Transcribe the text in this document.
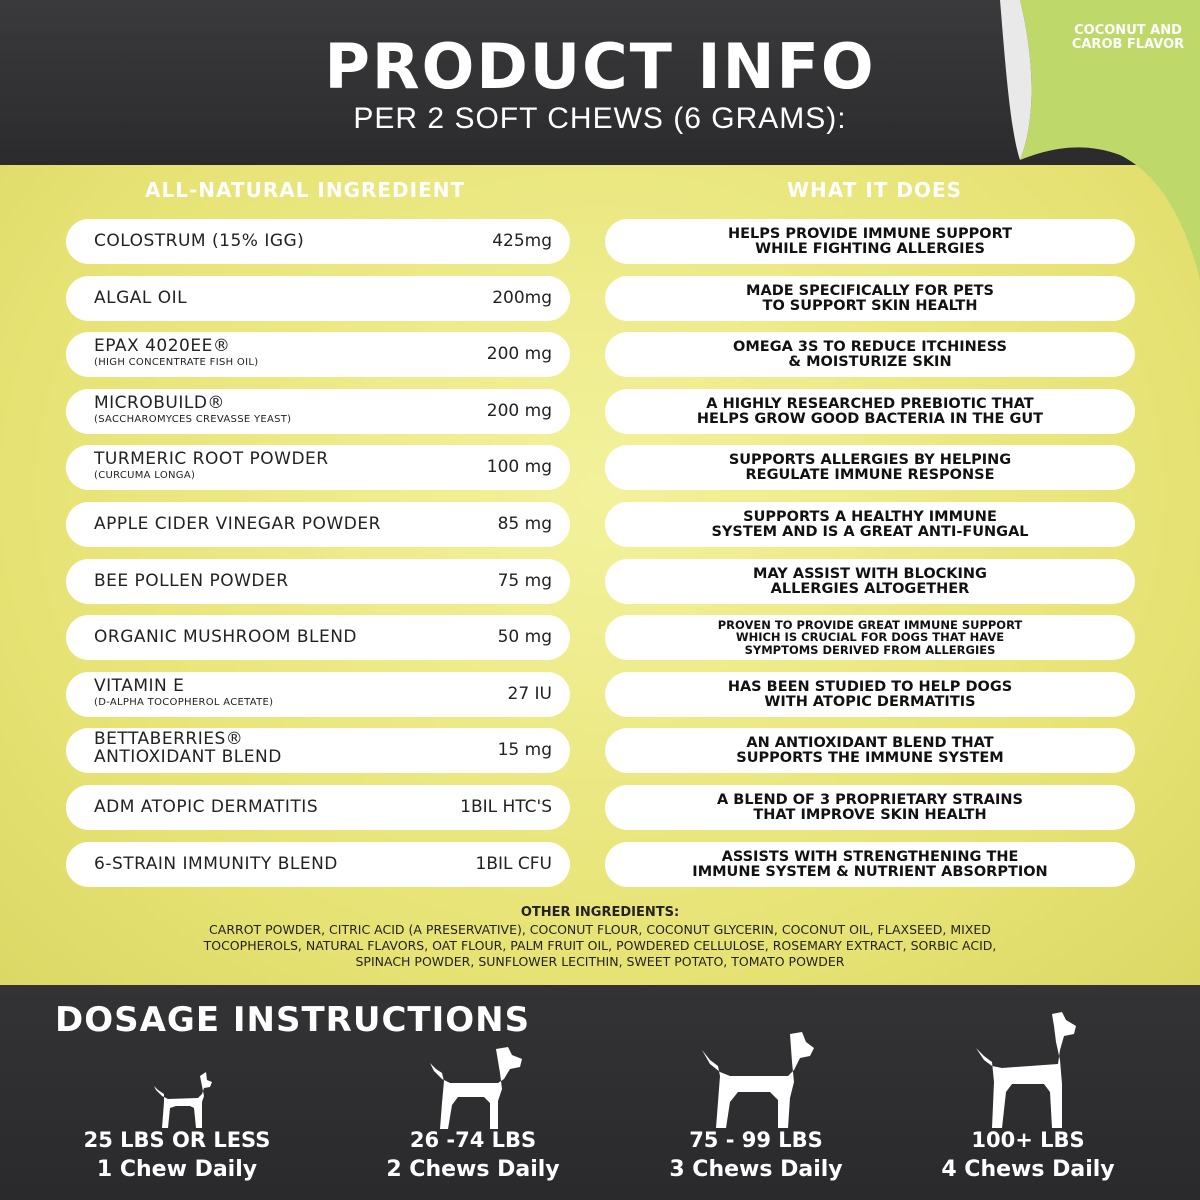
PRODUCT INFO
PER 2 SOFT CHEWS (6 GRAMS):
COCONUT AND CAROB FLAVOR
ALL-NATURAL INGREDIENT	WHAT IT DOES
COLOSTRUM (15% IGG)	425mg	HELPS PROVIDE IMMUNE SUPPORT
WHILE FIGHTING ALLERGIES
ALGAL OIL	200mg	MADE SPECIFICALLY FOR PETS
TO SUPPORT SKIN HEALTH
EPAX 4020EE®
(HIGH CONCENTRATE FISH OIL)	200 mg	OMEGA 3S TO REDUCE ITCHINESS
& MOISTURIZE SKIN
MICROBUILD®
(SACCHAROMYCES CREVASSE YEAST)	200 mg	A HIGHLY RESEARCHED PREBIOTIC THAT
HELPS GROW GOOD BACTERIA IN THE GUT
TURMERIC ROOT POWDER
(CURCUMA LONGA)	100 mg	SUPPORTS ALLERGIES BY HELPING
REGULATE IMMUNE RESPONSE
APPLE CIDER VINEGAR POWDER	85 mg	SUPPORTS A HEALTHY IMMUNE
SYSTEM AND IS A GREAT ANTI-FUNGAL
BEE POLLEN POWDER	75 mg	MAY ASSIST WITH BLOCKING
ALLERGIES ALTOGETHER
ORGANIC MUSHROOM BLEND	50 mg
PROVEN TO PROVIDE GREAT IMMUNE SUPPORT
WHICH IS CRUCIAL FOR DOGS THAT HAVE
SYMPTOMS DERIVED FROM ALLERGIES
VITAMIN E
(D-ALPHA TOCOPHEROL ACETATE)	27 IU	HAS BEEN STUDIED TO HELP DOGS
WITH ATOPIC DERMATITIS
BETTABERRIES®
ANTIOXIDANT BLEND	15 mg	AN ANTIOXIDANT BLEND THAT
SUPPORTS THE IMMUNE SYSTEM
ADM ATOPIC DERMATITIS	1BIL HTC'S	A BLEND OF 3 PROPRIETARY STRAINS
THAT IMPROVE SKIN HEALTH
6-STRAIN IMMUNITY BLEND	1BIL CFU	ASSISTS WITH STRENGTHENING THE
IMMUNE SYSTEM & NUTRIENT ABSORPTION
OTHER INGREDIENTS:
CARROT POWDER, CITRIC ACID (A PRESERVATIVE), COCONUT FLOUR, COCONUT GLYCERIN, COCONUT OIL, FLAXSEED, MIXED
TOCOPHEROLS, NATURAL FLAVORS, OAT FLOUR, PALM FRUIT OIL, POWDERED CELLULOSE, ROSEMARY EXTRACT, SORBIC ACID,
SPINACH POWDER, SUNFLOWER LECITHIN, SWEET POTATO, TOMATO POWDER
DOSAGE INSTRUCTIONS
25 LBS OR LESS
1 Chew Daily
26 -74 LBS
2 Chews Daily
75 - 99 LBS
3 Chews Daily
100+ LBS
4 Chews Daily
